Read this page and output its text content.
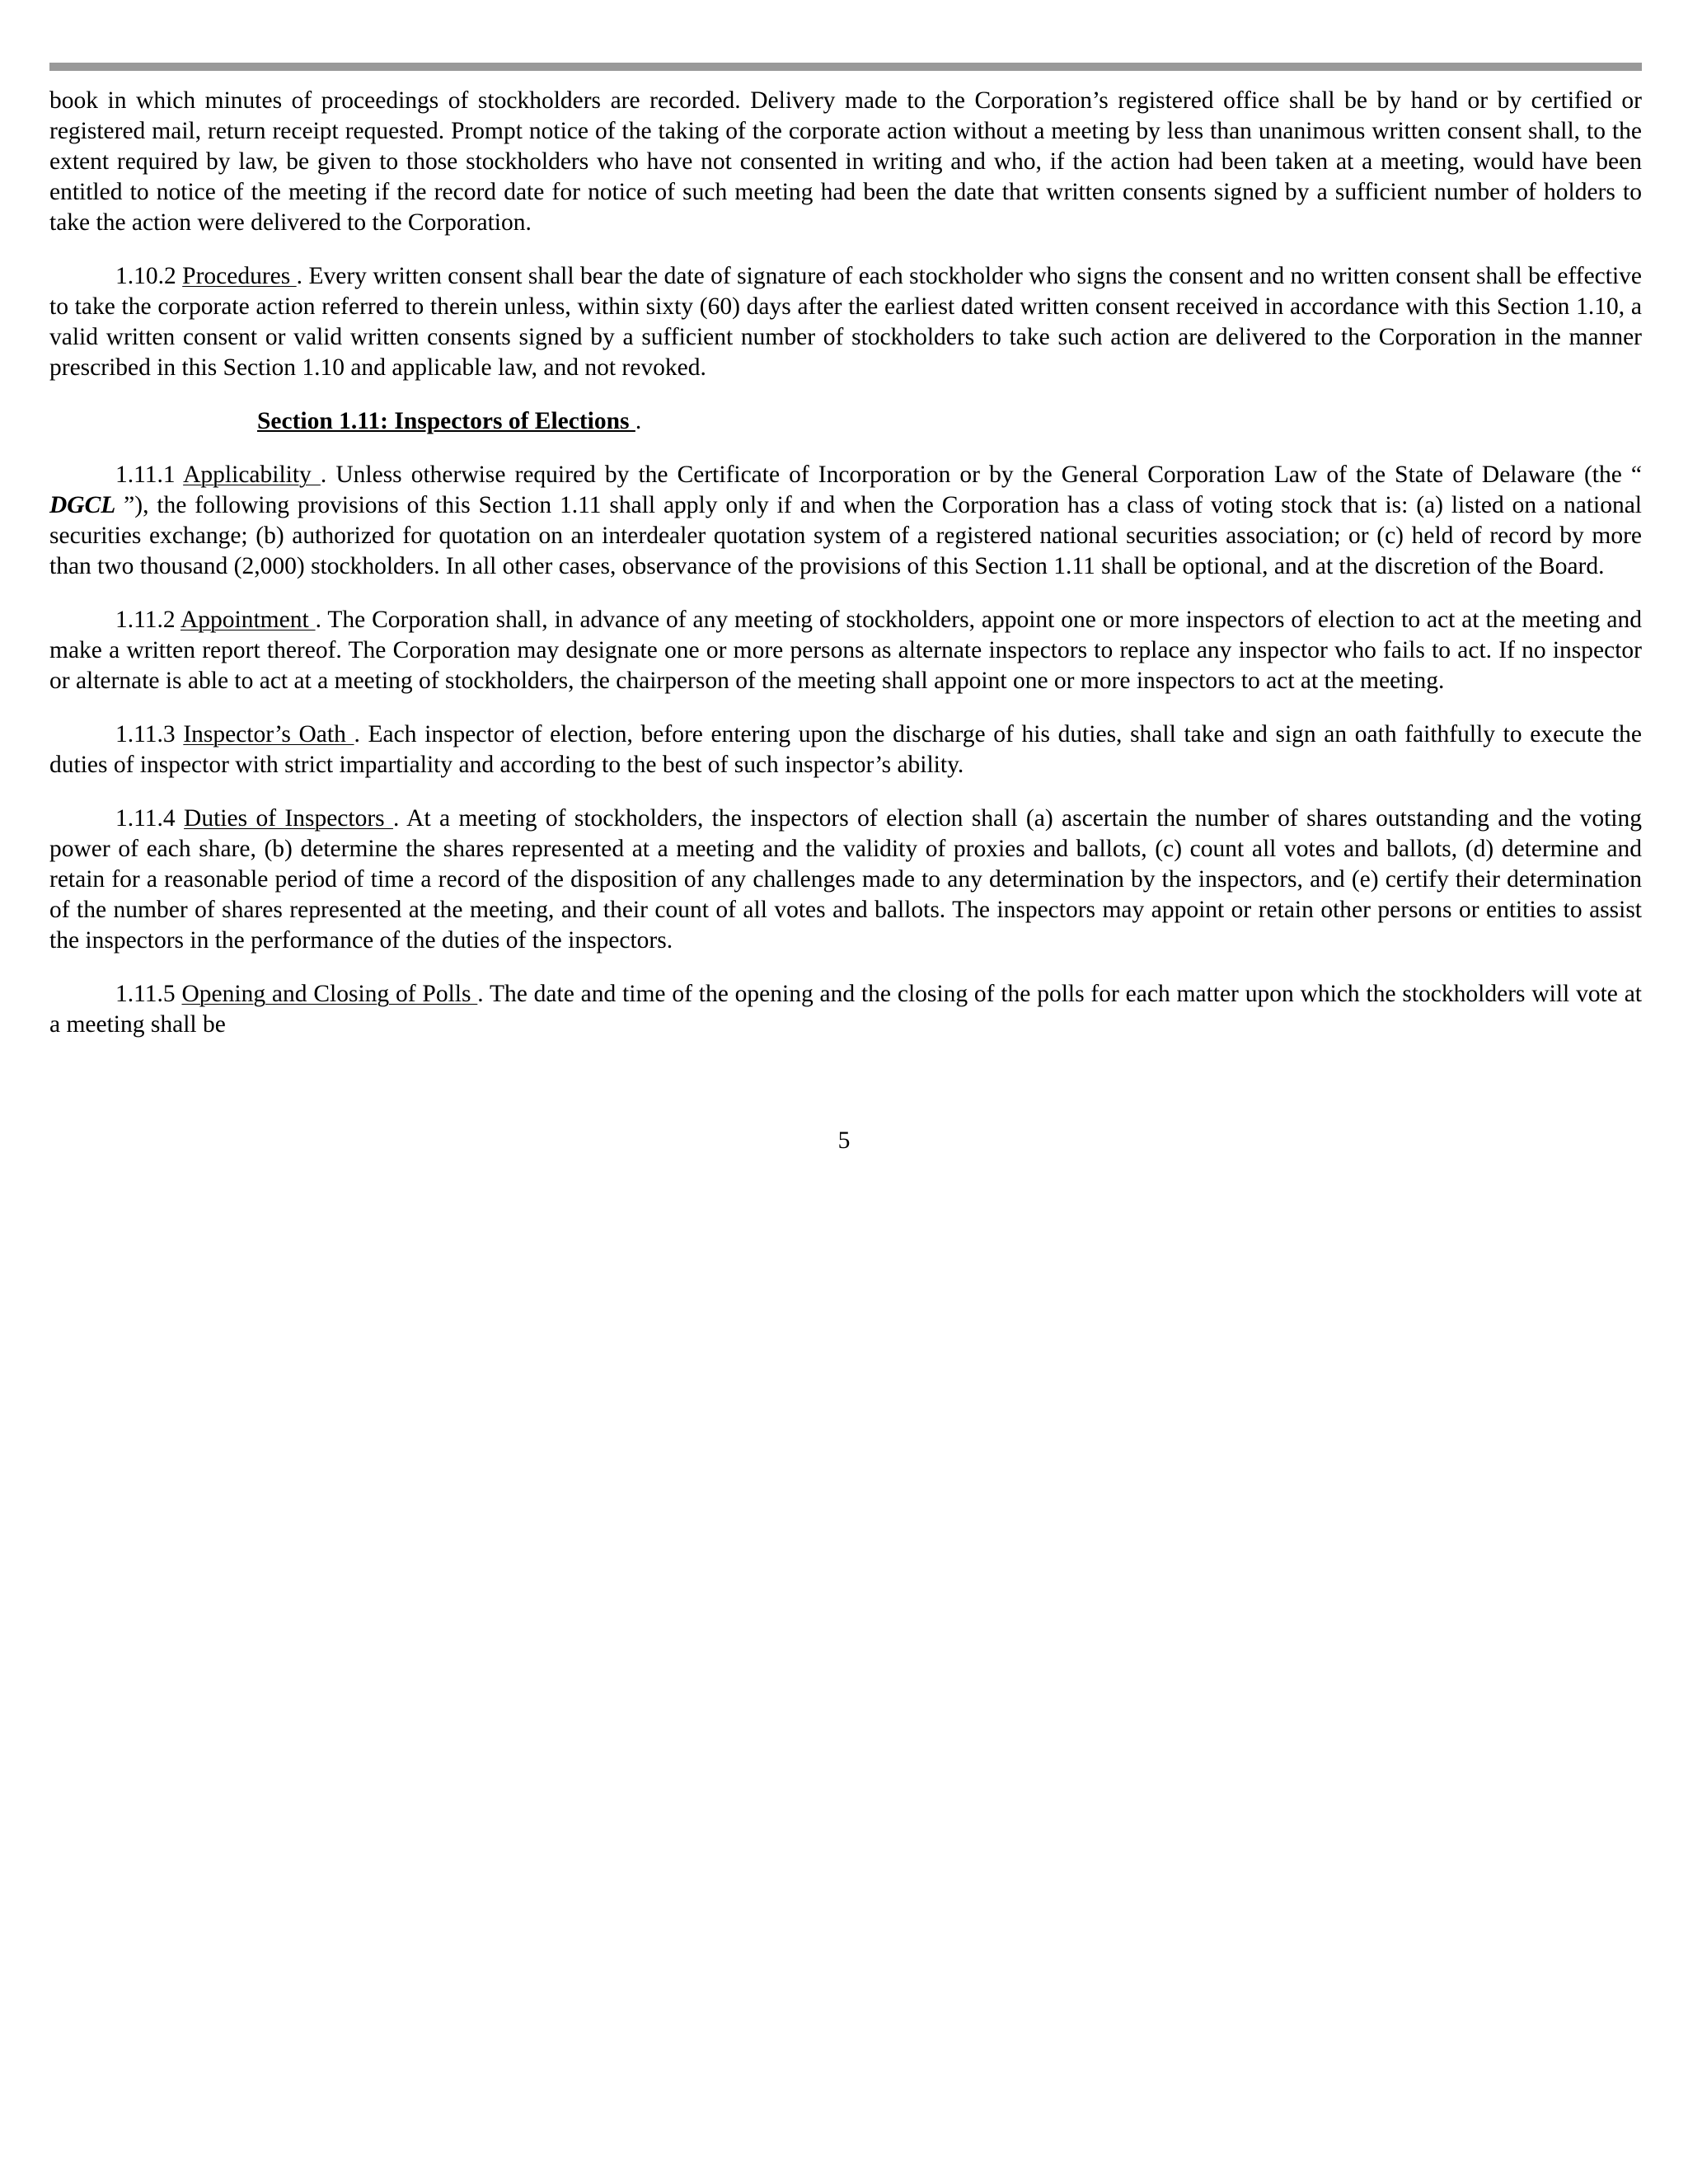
book in which minutes of proceedings of stockholders are recorded. Delivery made to the Corporation’s registered office shall be by hand or by certified or registered mail, return receipt requested. Prompt notice of the taking of the corporate action without a meeting by less than unanimous written consent shall, to the extent required by law, be given to those stockholders who have not consented in writing and who, if the action had been taken at a meeting, would have been entitled to notice of the meeting if the record date for notice of such meeting had been the date that written consents signed by a sufficient number of holders to take the action were delivered to the Corporation.

1.10.2 Procedures . Every written consent shall bear the date of signature of each stockholder who signs the consent and no written consent shall be effective to take the corporate action referred to therein unless, within sixty (60) days after the earliest dated written consent received in accordance with this Section 1.10, a valid written consent or valid written consents signed by a sufficient number of stockholders to take such action are delivered to the Corporation in the manner prescribed in this Section 1.10 and applicable law, and not revoked.

Section 1.11: Inspectors of Elections .

1.11.1 Applicability . Unless otherwise required by the Certificate of Incorporation or by the General Corporation Law of the State of Delaware (the “ DGCL ”), the following provisions of this Section 1.11 shall apply only if and when the Corporation has a class of voting stock that is: (a) listed on a national securities exchange; (b) authorized for quotation on an interdealer quotation system of a registered national securities association; or (c) held of record by more than two thousand (2,000) stockholders. In all other cases, observance of the provisions of this Section 1.11 shall be optional, and at the discretion of the Board.

1.11.2 Appointment . The Corporation shall, in advance of any meeting of stockholders, appoint one or more inspectors of election to act at the meeting and make a written report thereof. The Corporation may designate one or more persons as alternate inspectors to replace any inspector who fails to act. If no inspector or alternate is able to act at a meeting of stockholders, the chairperson of the meeting shall appoint one or more inspectors to act at the meeting.

1.11.3 Inspector’s Oath . Each inspector of election, before entering upon the discharge of his duties, shall take and sign an oath faithfully to execute the duties of inspector with strict impartiality and according to the best of such inspector’s ability.

1.11.4 Duties of Inspectors . At a meeting of stockholders, the inspectors of election shall (a) ascertain the number of shares outstanding and the voting power of each share, (b) determine the shares represented at a meeting and the validity of proxies and ballots, (c) count all votes and ballots, (d) determine and retain for a reasonable period of time a record of the disposition of any challenges made to any determination by the inspectors, and (e) certify their determination of the number of shares represented at the meeting, and their count of all votes and ballots. The inspectors may appoint or retain other persons or entities to assist the inspectors in the performance of the duties of the inspectors.

1.11.5 Opening and Closing of Polls . The date and time of the opening and the closing of the polls for each matter upon which the stockholders will vote at a meeting shall be

5
